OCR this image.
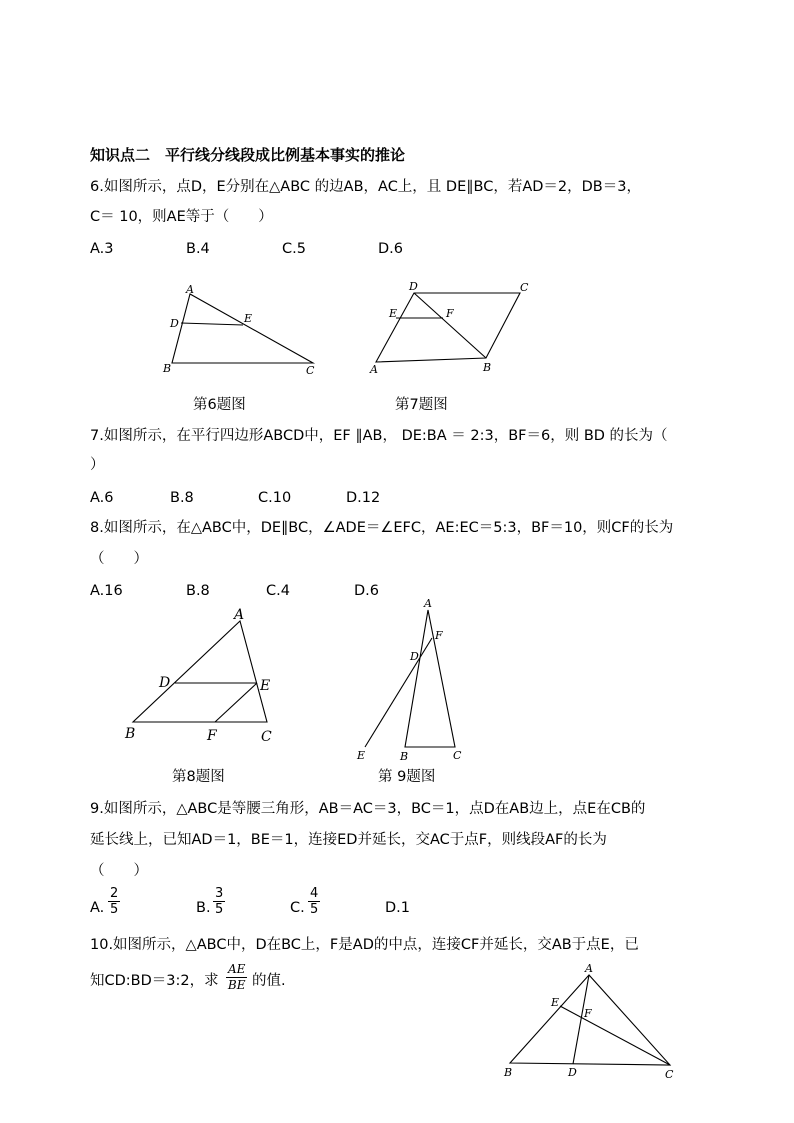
知识点二　平行线分线段成比例基本事实的推论
6.如图所示，点D，E分别在△ABC 的边AB，AC上，且 DE∥BC，若AD＝2，DB＝3，
C＝ 10，则AE等于（　　）
A.3	B.4	C.5	D.6
A
D	E
B	C
D	C
E	F
A	B
第6题图	第7题图
7.如图所示，在平行四边形ABCD中，EF ∥AB， DE:BA ＝ 2:3，BF＝6，则 BD 的长为（
）
A.6	B.8	C.10	D.12
8.如图所示，在△ABC中，DE∥BC，∠ADE＝∠EFC，AE:EC＝5:3，BF＝10，则CF的长为
（　　）
A.16	B.8	C.4	D.6
A
D	E
B	F	C
A
F
D
E	B	C
第8题图	第 9题图
9.如图所示，△ABC是等腰三角形，AB＝AC＝3，BC＝1，点D在AB边上，点E在CB的
延长线上，已知AD＝1，BE＝1，连接ED并延长，交AC于点F，则线段AF的长为
（　　）
A. $\frac{2}{5}$	B. $\frac{3}{5}$	C. $\frac{4}{5}$	D.1
10.如图所示，△ABC中，D在BC上，F是AD的中点，连接CF并延长，交AB于点E，已
知CD:BD＝3:2，求 $\frac{AE}{BE}$ 的值.
A
E
F
B	D	C
